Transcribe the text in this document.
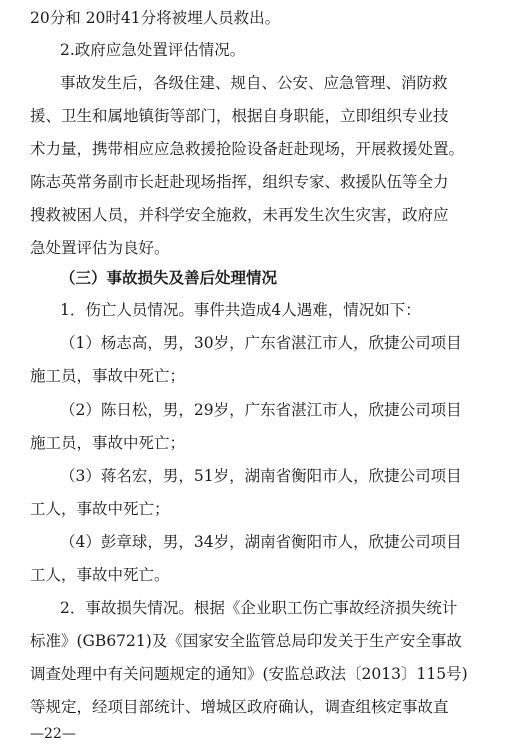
20分和 20时41分将被埋人员救出。
2.政府应急处置评估情况。
事故发生后，各级住建、规自、公安、应急管理、消防救
援、卫生和属地镇街等部门，根据自身职能，立即组织专业技
术力量，携带相应应急救援抢险设备赶赴现场，开展救援处置。
陈志英常务副市长赶赴现场指挥，组织专家、救援队伍等全力
搜救被困人员，并科学安全施救，未再发生次生灾害，政府应
急处置评估为良好。
（三）事故损失及善后处理情况
1．伤亡人员情况。事件共造成4人遇难，情况如下：
（1）杨志高，男，30岁，广东省湛江市人，欣捷公司项目
施工员，事故中死亡；
（2）陈日松，男，29岁，广东省湛江市人，欣捷公司项目
施工员，事故中死亡；
（3）蒋名宏，男，51岁，湖南省衡阳市人，欣捷公司项目
工人，事故中死亡；
（4）彭章球，男，34岁，湖南省衡阳市人，欣捷公司项目
工人，事故中死亡。
2．事故损失情况。根据《企业职工伤亡事故经济损失统计
标准》(GB6721)及《国家安全监管总局印发关于生产安全事故
调查处理中有关问题规定的通知》(安监总政法〔2013〕115号)
等规定，经项目部统计、增城区政府确认，调查组核定事故直
—22—
